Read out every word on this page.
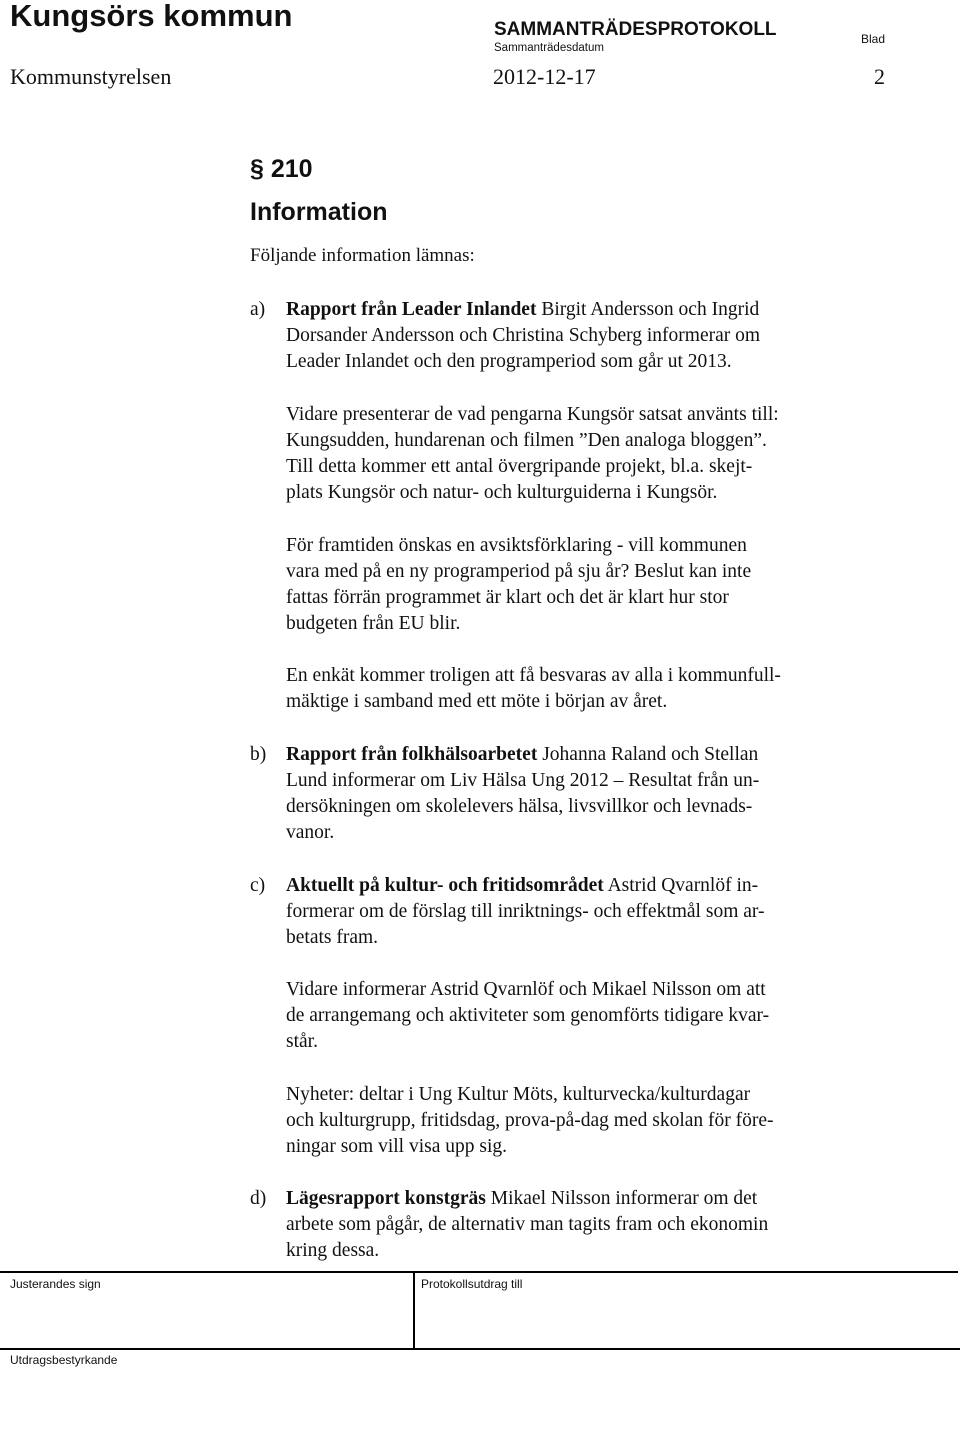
Kungsörs kommun	SAMMANTRÄDESPROTOKOLL
Sammanträdesdatum
Blad
Kommunstyrelsen	2012-12-17	2
§ 210
Information
Följande information lämnas:
a) Rapport från Leader Inlandet Birgit Andersson och Ingrid
Dorsander Andersson och Christina Schyberg informerar om
Leader Inlandet och den programperiod som går ut 2013.
Vidare presenterar de vad pengarna Kungsör satsat använts till:
Kungsudden, hundarenan och filmen ”Den analoga bloggen”.
Till detta kommer ett antal övergripande projekt, bl.a. skejt-
plats Kungsör och natur- och kulturguiderna i Kungsör.
För framtiden önskas en avsiktsförklaring - vill kommunen
vara med på en ny programperiod på sju år? Beslut kan inte
fattas förrän programmet är klart och det är klart hur stor
budgeten från EU blir.
En enkät kommer troligen att få besvaras av alla i kommunfull-
mäktige i samband med ett möte i början av året.
b) Rapport från folkhälsoarbetet Johanna Raland och Stellan
Lund informerar om Liv Hälsa Ung 2012 – Resultat från un-
dersökningen om skolelevers hälsa, livsvillkor och levnads-
vanor.
c) Aktuellt på kultur- och fritidsområdet Astrid Qvarnlöf in-
formerar om de förslag till inriktnings- och effektmål som ar-
betats fram.
Vidare informerar Astrid Qvarnlöf och Mikael Nilsson om att
de arrangemang och aktiviteter som genomförts tidigare kvar-
står.
Nyheter: deltar i Ung Kultur Möts, kulturvecka/kulturdagar
och kulturgrupp, fritidsdag, prova-på-dag med skolan för före-
ningar som vill visa upp sig.
d) Lägesrapport konstgräs Mikael Nilsson informerar om det
arbete som pågår, de alternativ man tagits fram och ekonomin
kring dessa.
Justerandes sign	Protokollsutdrag till
Utdragsbestyrkande
